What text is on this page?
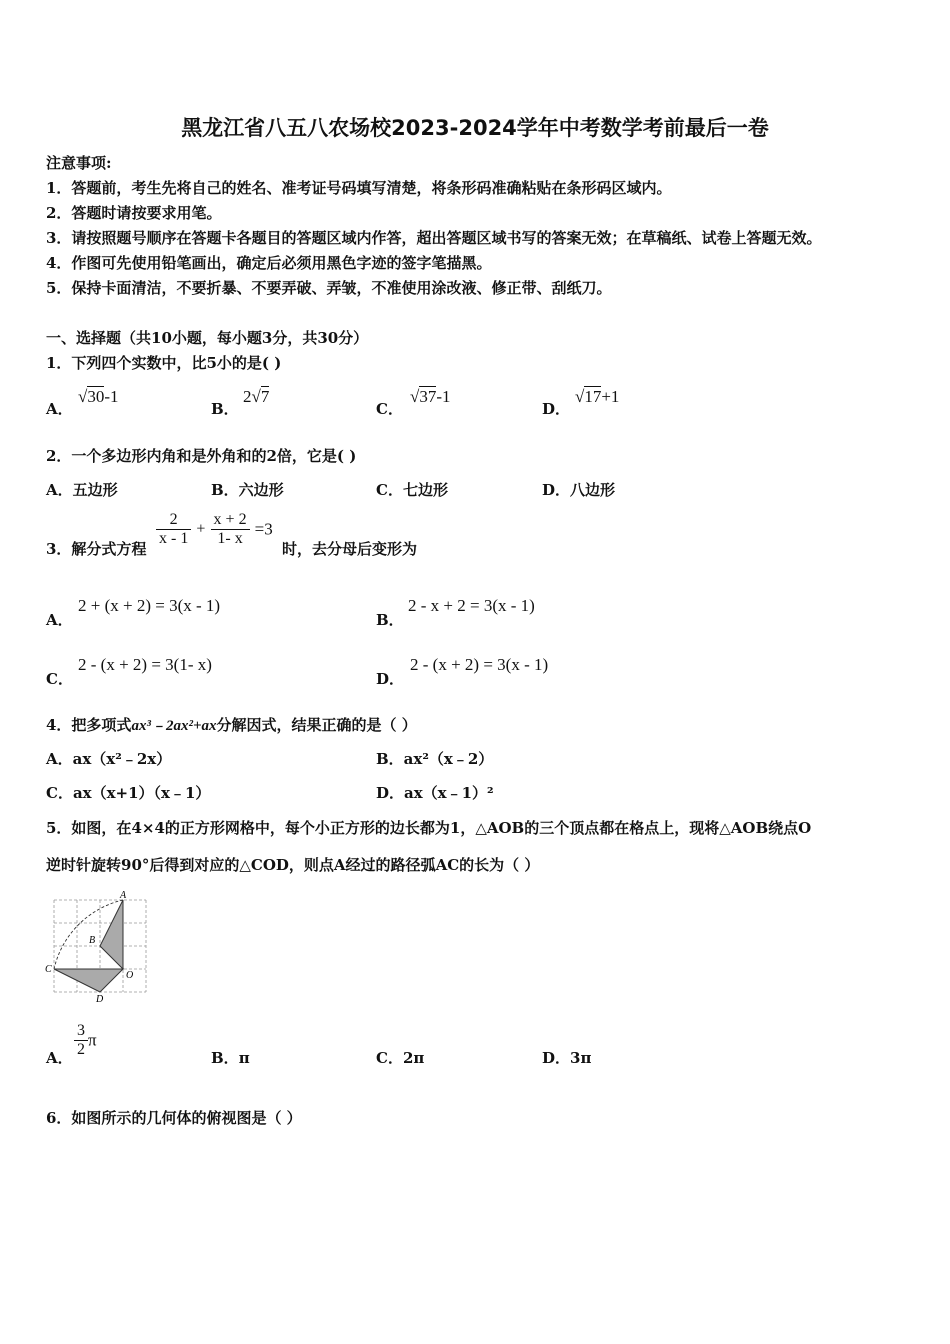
黑龙江省八五八农场校2023-2024学年中考数学考前最后一卷
注意事项:
1．答题前，考生先将自己的姓名、准考证号码填写清楚，将条形码准确粘贴在条形码区域内。
2．答题时请按要求用笔。
3．请按照题号顺序在答题卡各题目的答题区域内作答，超出答题区域书写的答案无效；在草稿纸、试卷上答题无效。
4．作图可先使用铅笔画出，确定后必须用黑色字迹的签字笔描黑。
5．保持卡面清洁，不要折暴、不要弄破、弄皱，不准使用涂改液、修正带、刮纸刀。
一、选择题（共10小题，每小题3分，共30分）
1．下列四个实数中，比5小的是( )
A．
√30-1
B．
2√7
C．
√37-1
D．
√17+1
2．一个多边形内角和是外角和的2倍，它是( )
A．五边形	B．六边形	C．七边形	D．八边形
3．解分式方程
$\frac{2}{x - 1} + \frac{x + 2}{1- x} =3$
时，去分母后变形为
A．
2 + (x + 2) = 3(x - 1)
B．
2 - x + 2 = 3(x - 1)
C．
2 - (x + 2) = 3(1- x)
D．
2 - (x + 2) = 3(x - 1)
4．把多项式ax³﹣2ax²+ax分解因式，结果正确的是（ ）
A．ax（x²﹣2x）	B．ax²（x﹣2）
C．ax（x+1）（x﹣1）	D．ax（x﹣1）²
5．如图，在4×4的正方形网格中，每个小正方形的边长都为1，△AOB的三个顶点都在格点上，现将△AOB绕点O
逆时针旋转90°后得到对应的△COD，则点A经过的路径弧AC的长为（ ）
A
B
C
O
D
A． $\frac{3}{2}$ π
B．π	C．2π	D．3π
6．如图所示的几何体的俯视图是（ ）
